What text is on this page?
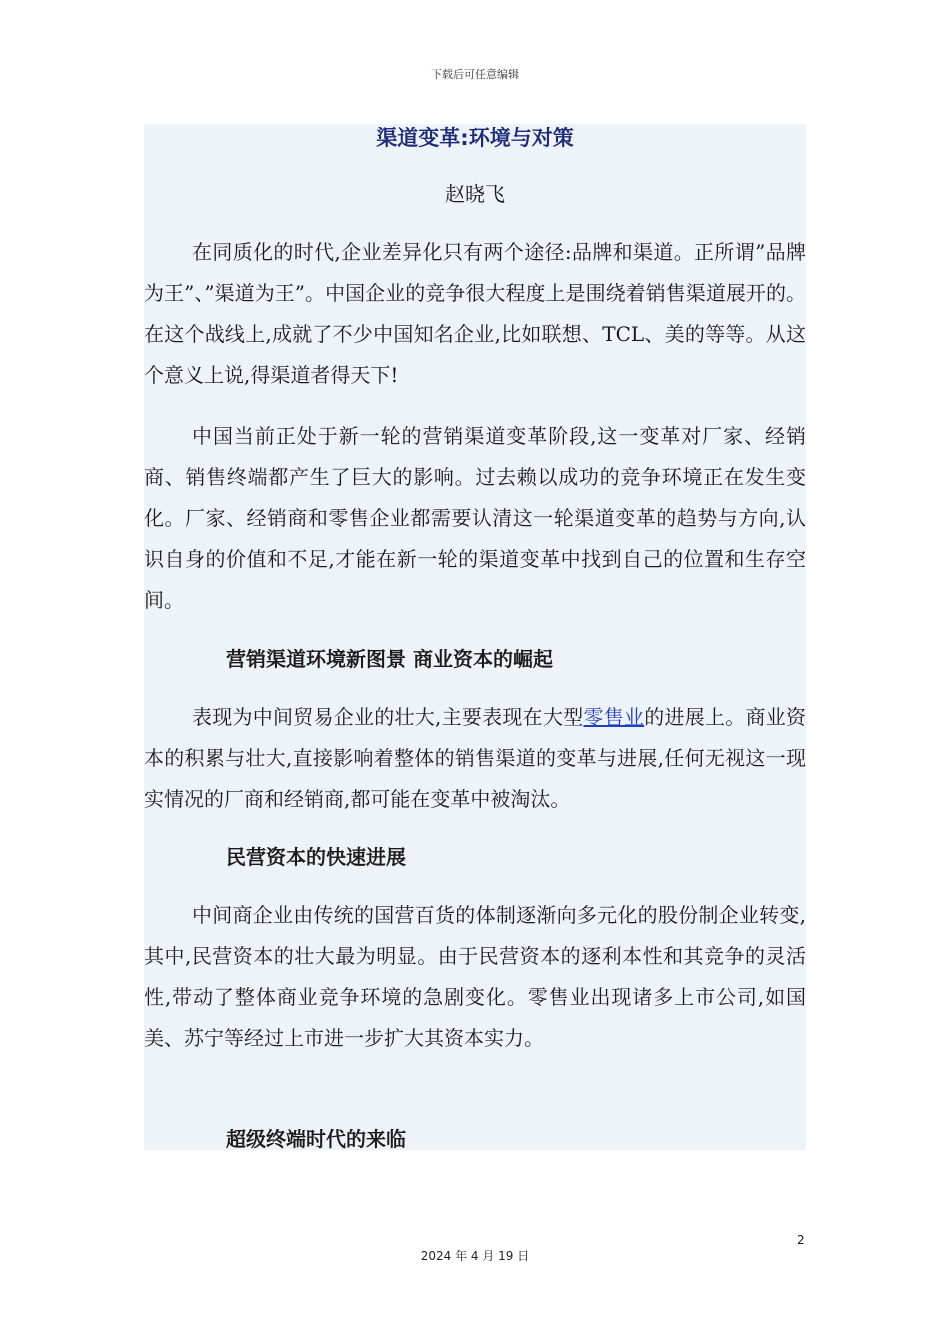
下载后可任意编辑
渠道变革:环境与对策
赵晓飞

在同质化的时代,企业差异化只有两个途径:品牌和渠道。正所谓”品牌为王”、”渠道为王”。中国企业的竞争很大程度上是围绕着销售渠道展开的。在这个战线上,成就了不少中国知名企业,比如联想、TCL、美的等等。从这个意义上说,得渠道者得天下!

中国当前正处于新一轮的营销渠道变革阶段,这一变革对厂家、经销商、销售终端都产生了巨大的影响。过去赖以成功的竞争环境正在发生变化。厂家、经销商和零售企业都需要认清这一轮渠道变革的趋势与方向,认识自身的价值和不足,才能在新一轮的渠道变革中找到自己的位置和生存空间。

营销渠道环境新图景 商业资本的崛起

表现为中间贸易企业的壮大,主要表现在大型零售业的进展上。商业资本的积累与壮大,直接影响着整体的销售渠道的变革与进展,任何无视这一现实情况的厂商和经销商,都可能在变革中被淘汰。

民营资本的快速进展

中间商企业由传统的国营百货的体制逐渐向多元化的股份制企业转变,其中,民营资本的壮大最为明显。由于民营资本的逐利本性和其竞争的灵活性,带动了整体商业竞争环境的急剧变化。零售业出现诸多上市公司,如国美、苏宁等经过上市进一步扩大其资本实力。

超级终端时代的来临
2
2024 年 4 月 19 日
